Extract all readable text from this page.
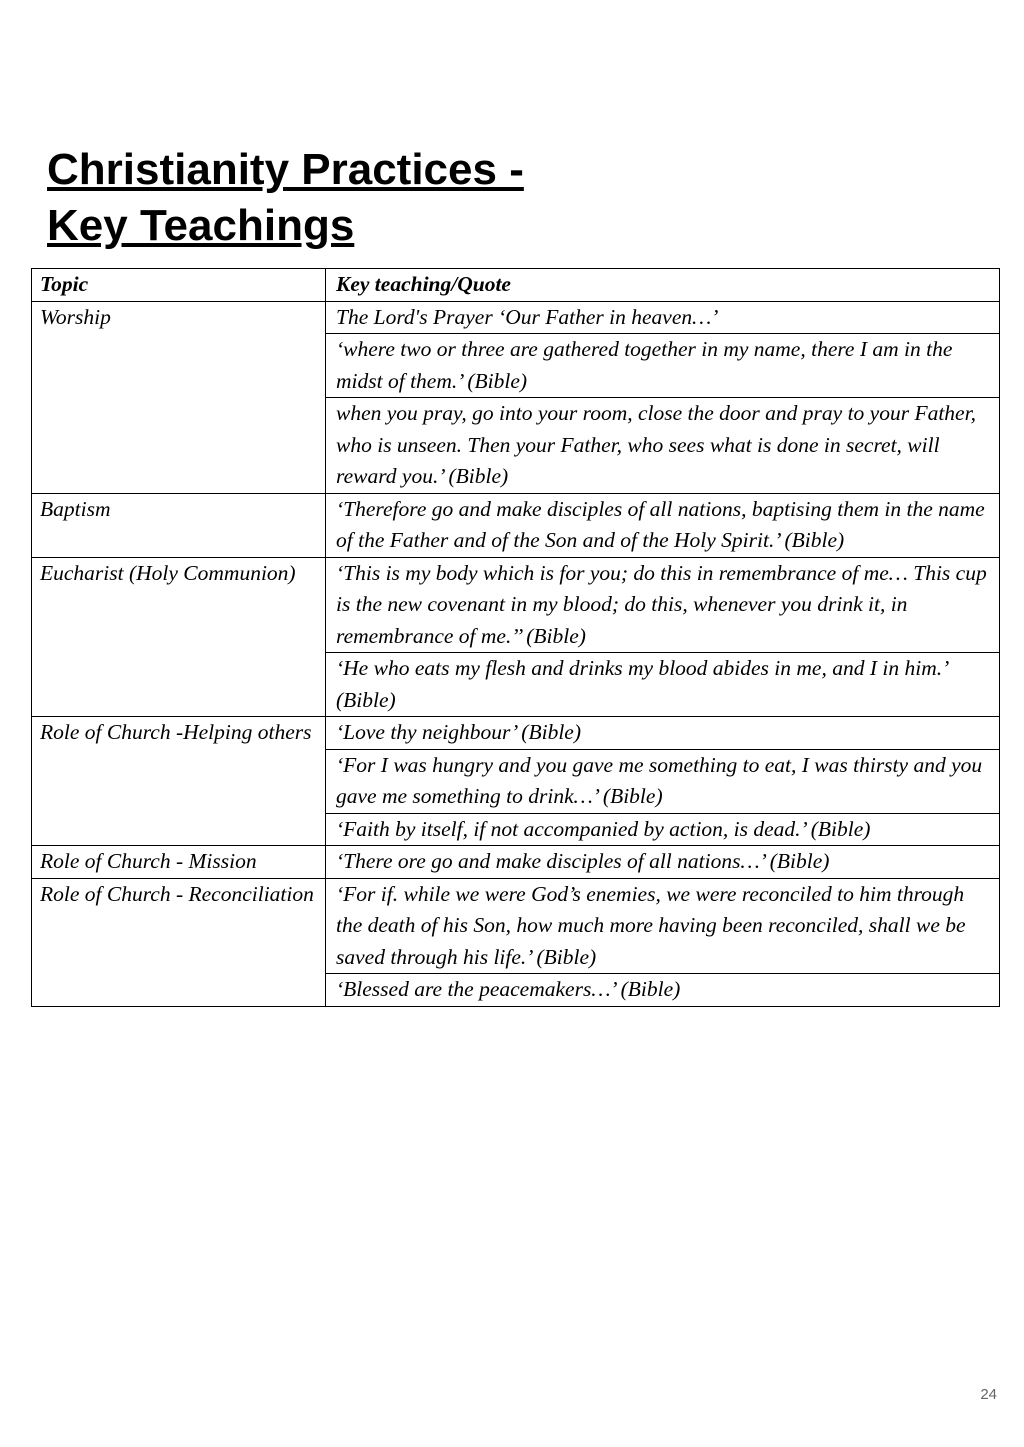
Christianity Practices -
Key Teachings
Topic	Key teaching/Quote
Worship	The Lord's Prayer ‘Our Father in heaven…’
	‘where two or three are gathered together in my name, there I am in the midst of them.’ (Bible)
	when you pray, go into your room, close the door and pray to your Father, who is unseen. Then your Father, who sees what is done in secret, will reward you.’ (Bible)
Baptism	‘Therefore go and make disciples of all nations, baptising them in the name of the Father and of the Son and of the Holy Spirit.’ (Bible)
Eucharist (Holy Communion)	‘This is my body which is for you; do this in remembrance of me… This cup is the new covenant in my blood; do this, whenever you drink it, in remembrance of me.’’ (Bible)
	‘He who eats my flesh and drinks my blood abides in me, and I in him.’ (Bible)
Role of Church -Helping others	‘Love thy neighbour’ (Bible)
	‘For I was hungry and you gave me something to eat, I was thirsty and you gave me something to drink…’ (Bible)
	‘Faith by itself, if not accompanied by action, is dead.’ (Bible)
Role of Church - Mission	‘There ore go and make disciples of all nations…’ (Bible)
Role of Church - Reconciliation	‘For if. while we were God’s enemies, we were reconciled to him through the death of his Son, how much more having been reconciled, shall we be saved through his life.’ (Bible)
	‘Blessed are the peacemakers…’ (Bible)
24
